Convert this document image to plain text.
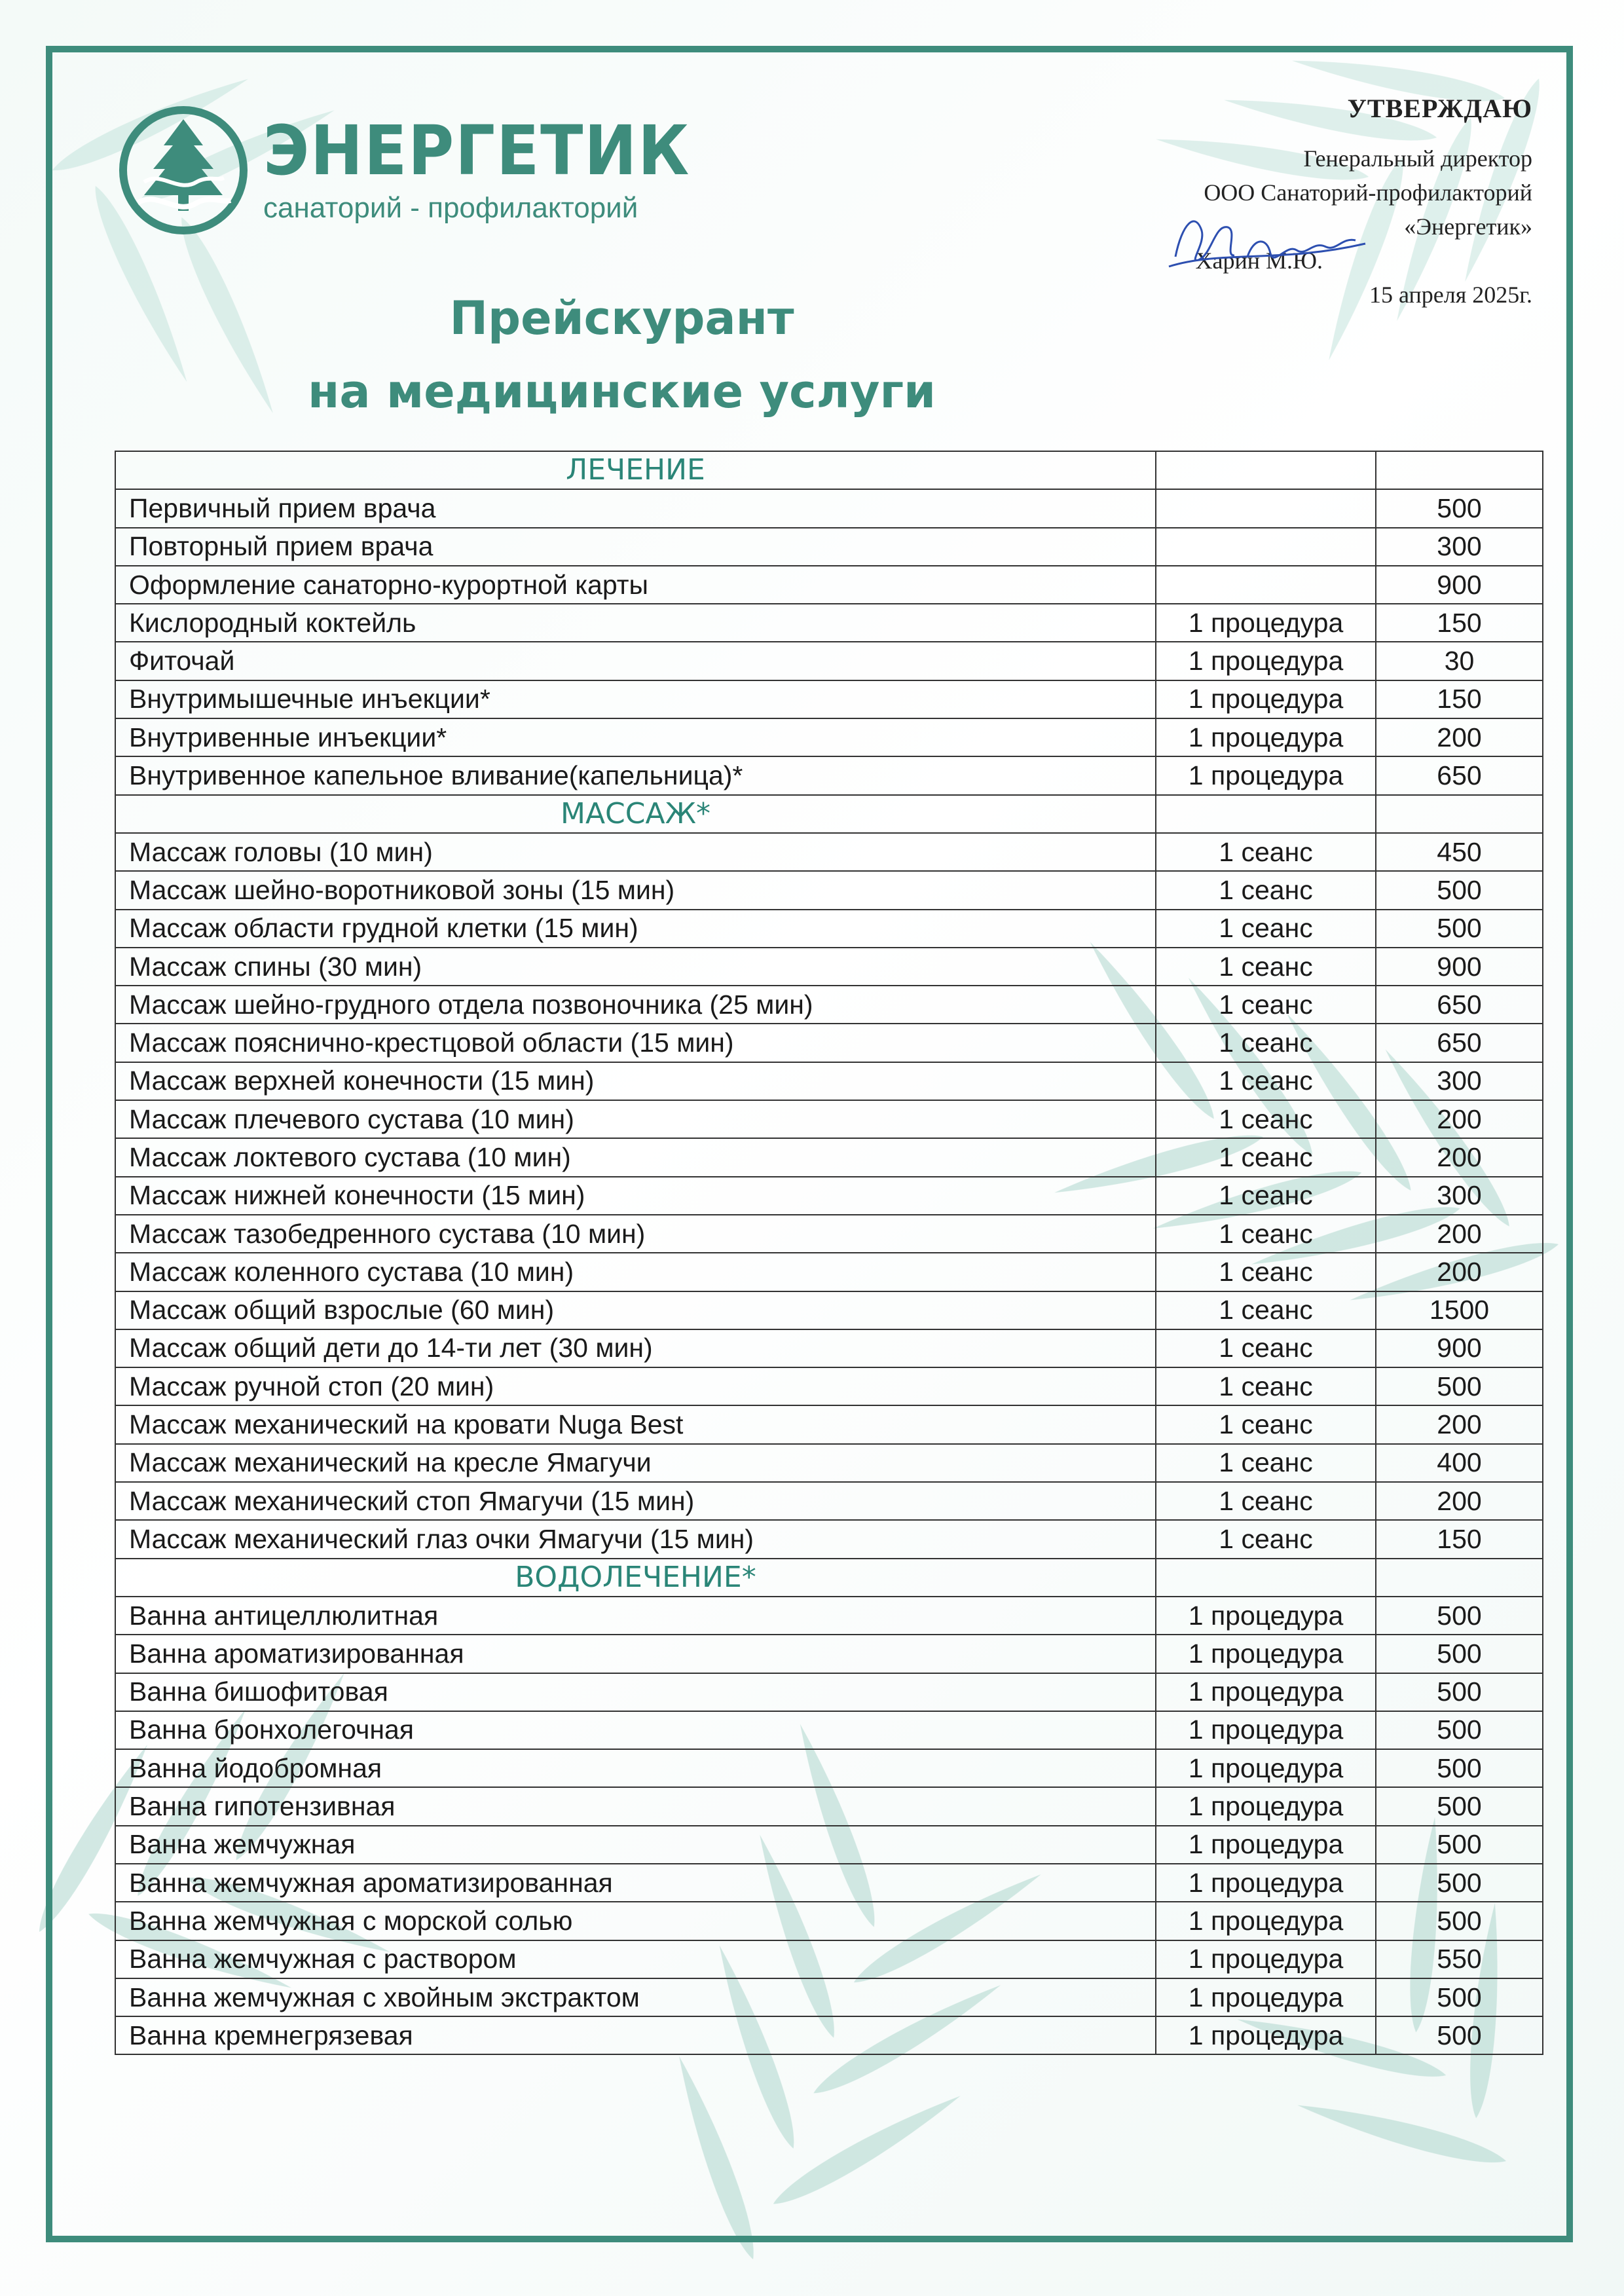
ЭНЕРГЕТИК

санаторий - профилакторий

УТВЕРЖДАЮ
Генеральный директор
ООО Санаторий-профилакторий
«Энергетик»
Харин М.Ю.
15 апреля 2025г.
Прейскурант
на медицинские услуги
ЛЕЧЕНИЕ		
Первичный прием врача		500
Повторный прием врача		300
Оформление санаторно-курортной карты		900
Кислородный коктейль	1 процедура	150
Фиточай	1 процедура	30
Внутримышечные инъекции*	1 процедура	150
Внутривенные инъекции*	1 процедура	200
Внутривенное капельное вливание(капельница)*	1 процедура	650
МАССАЖ*		
Массаж головы (10 мин)	1 сеанс	450
Массаж шейно-воротниковой зоны (15 мин)	1 сеанс	500
Массаж области грудной клетки (15 мин)	1 сеанс	500
Массаж спины (30 мин)	1 сеанс	900
Массаж шейно-грудного отдела позвоночника (25 мин)	1 сеанс	650
Массаж пояснично-крестцовой области (15 мин)	1 сеанс	650
Массаж верхней конечности (15 мин)	1 сеанс	300
Массаж плечевого сустава (10 мин)	1 сеанс	200
Массаж локтевого сустава (10 мин)	1 сеанс	200
Массаж нижней конечности (15 мин)	1 сеанс	300
Массаж тазобедренного сустава (10 мин)	1 сеанс	200
Массаж коленного сустава (10 мин)	1 сеанс	200
Массаж общий взрослые (60 мин)	1 сеанс	1500
Массаж общий дети до 14-ти лет (30 мин)	1 сеанс	900
Массаж ручной стоп (20 мин)	1 сеанс	500
Массаж механический на кровати Nuga Best	1 сеанс	200
Массаж механический на кресле Ямагучи	1 сеанс	400
Массаж механический стоп Ямагучи (15 мин)	1 сеанс	200
Массаж механический глаз очки Ямагучи (15 мин)	1 сеанс	150
ВОДОЛЕЧЕНИЕ*		
Ванна антицеллюлитная	1 процедура	500
Ванна ароматизированная	1 процедура	500
Ванна бишофитовая	1 процедура	500
Ванна бронхолегочная	1 процедура	500
Ванна йодобромная	1 процедура	500
Ванна гипотензивная	1 процедура	500
Ванна жемчужная	1 процедура	500
Ванна жемчужная ароматизированная	1 процедура	500
Ванна жемчужная с морской солью	1 процедура	500
Ванна жемчужная с раствором	1 процедура	550
Ванна жемчужная с хвойным экстрактом	1 процедура	500
Ванна кремнегрязевая	1 процедура	500
